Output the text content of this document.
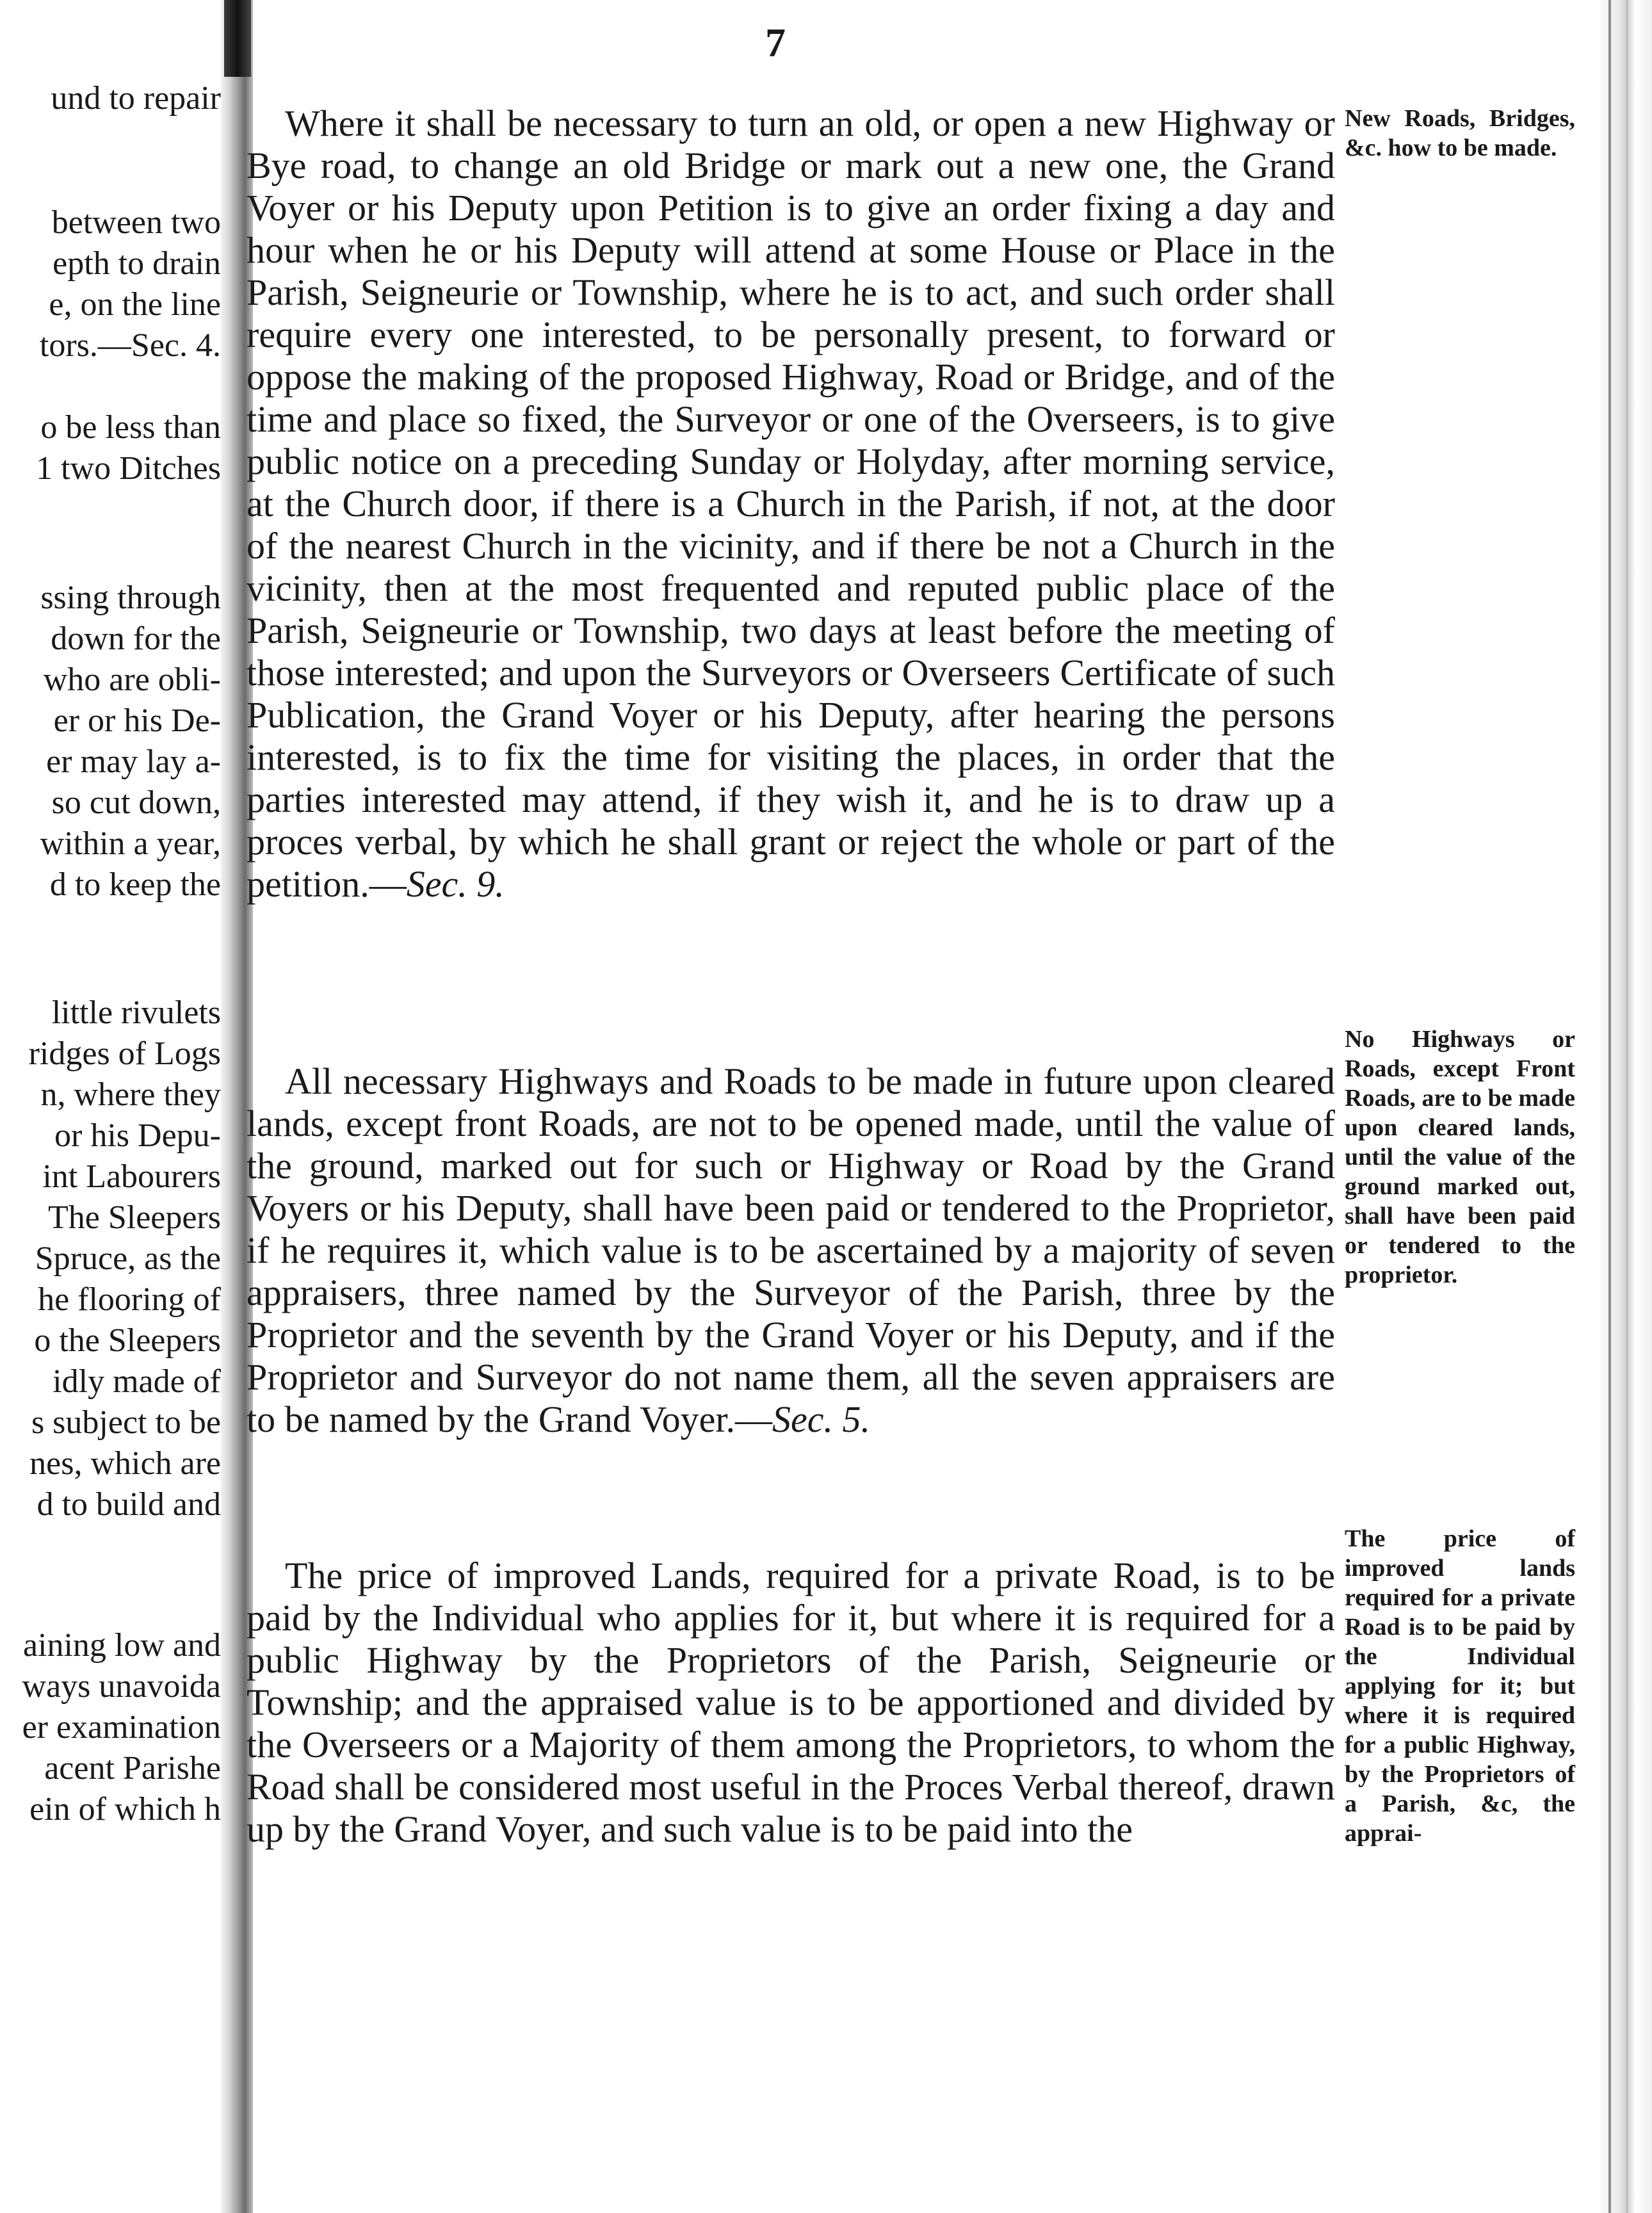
und to repair
between two
epth to drain
e, on the line
tors.—Sec. 4.
o be less than
1 two Ditches
ssing through
down for the
who are obli-
er or his De-
er may lay a-
so cut down,
within a year,
d to keep the
little rivulets
ridges of Logs
n, where they
or his Depu-
int Labourers
The Sleepers
Spruce, as the
he flooring of
o the Sleepers
idly made of
s subject to be
nes, which are
d to build and
aining low and
ways unavoida
er examination
acent Parishe
ein of which h
7

Where it shall be necessary to turn an old, or open a new Highway or Bye road, to change an old Bridge or mark out a new one, the Grand Voyer or his Deputy upon Petition is to give an order fixing a day and hour when he or his Deputy will attend at some House or Place in the Parish, Seigneurie or Township, where he is to act, and such order shall require every one interested, to be personally present, to forward or oppose the making of the proposed Highway, Road or Bridge, and of the time and place so fixed, the Surveyor or one of the Overseers, is to give public notice on a preceding Sunday or Holyday, after morning service, at the Church door, if there is a Church in the Parish, if not, at the door of the nearest Church in the vicinity, and if there be not a Church in the vicinity, then at the most frequented and reputed public place of the Parish, Seigneurie or Township, two days at least before the meeting of those interested; and upon the Surveyors or Overseers Certificate of such Publication, the Grand Voyer or his Deputy, after hearing the persons interested, is to fix the time for visiting the places, in order that the parties interested may attend, if they wish it, and he is to draw up a proces verbal, by which he shall grant or reject the whole or part of the petition.—Sec. 9.

All necessary Highways and Roads to be made in future upon cleared lands, except front Roads, are not to be opened made, until the value of the ground, marked out for such or Highway or Road by the Grand Voyers or his Deputy, shall have been paid or tendered to the Proprietor, if he requires it, which value is to be ascertained by a majority of seven appraisers, three named by the Surveyor of the Parish, three by the Proprietor and the seventh by the Grand Voyer or his Deputy, and if the Proprietor and Surveyor do not name them, all the seven appraisers are to be named by the Grand Voyer.—Sec. 5.

The price of improved Lands, required for a private Road, is to be paid by the Individual who applies for it, but where it is required for a public Highway by the Proprietors of the Parish, Seigneurie or Township; and the appraised value is to be apportioned and divided by the Overseers or a Majority of them among the Proprietors, to whom the Road shall be considered most useful in the Proces Verbal thereof, drawn up by the Grand Voyer, and such value is to be paid into the

New Roads, Bridges, &c. how to be made.

No Highways or Roads, except Front Roads, are to be made upon cleared lands, until the value of the ground marked out, shall have been paid or tendered to the proprietor.

The price of improved lands required for a private Road is to be paid by the Individual applying for it; but where it is required for a public Highway, by the Proprietors of a Parish, &c, the apprai-
